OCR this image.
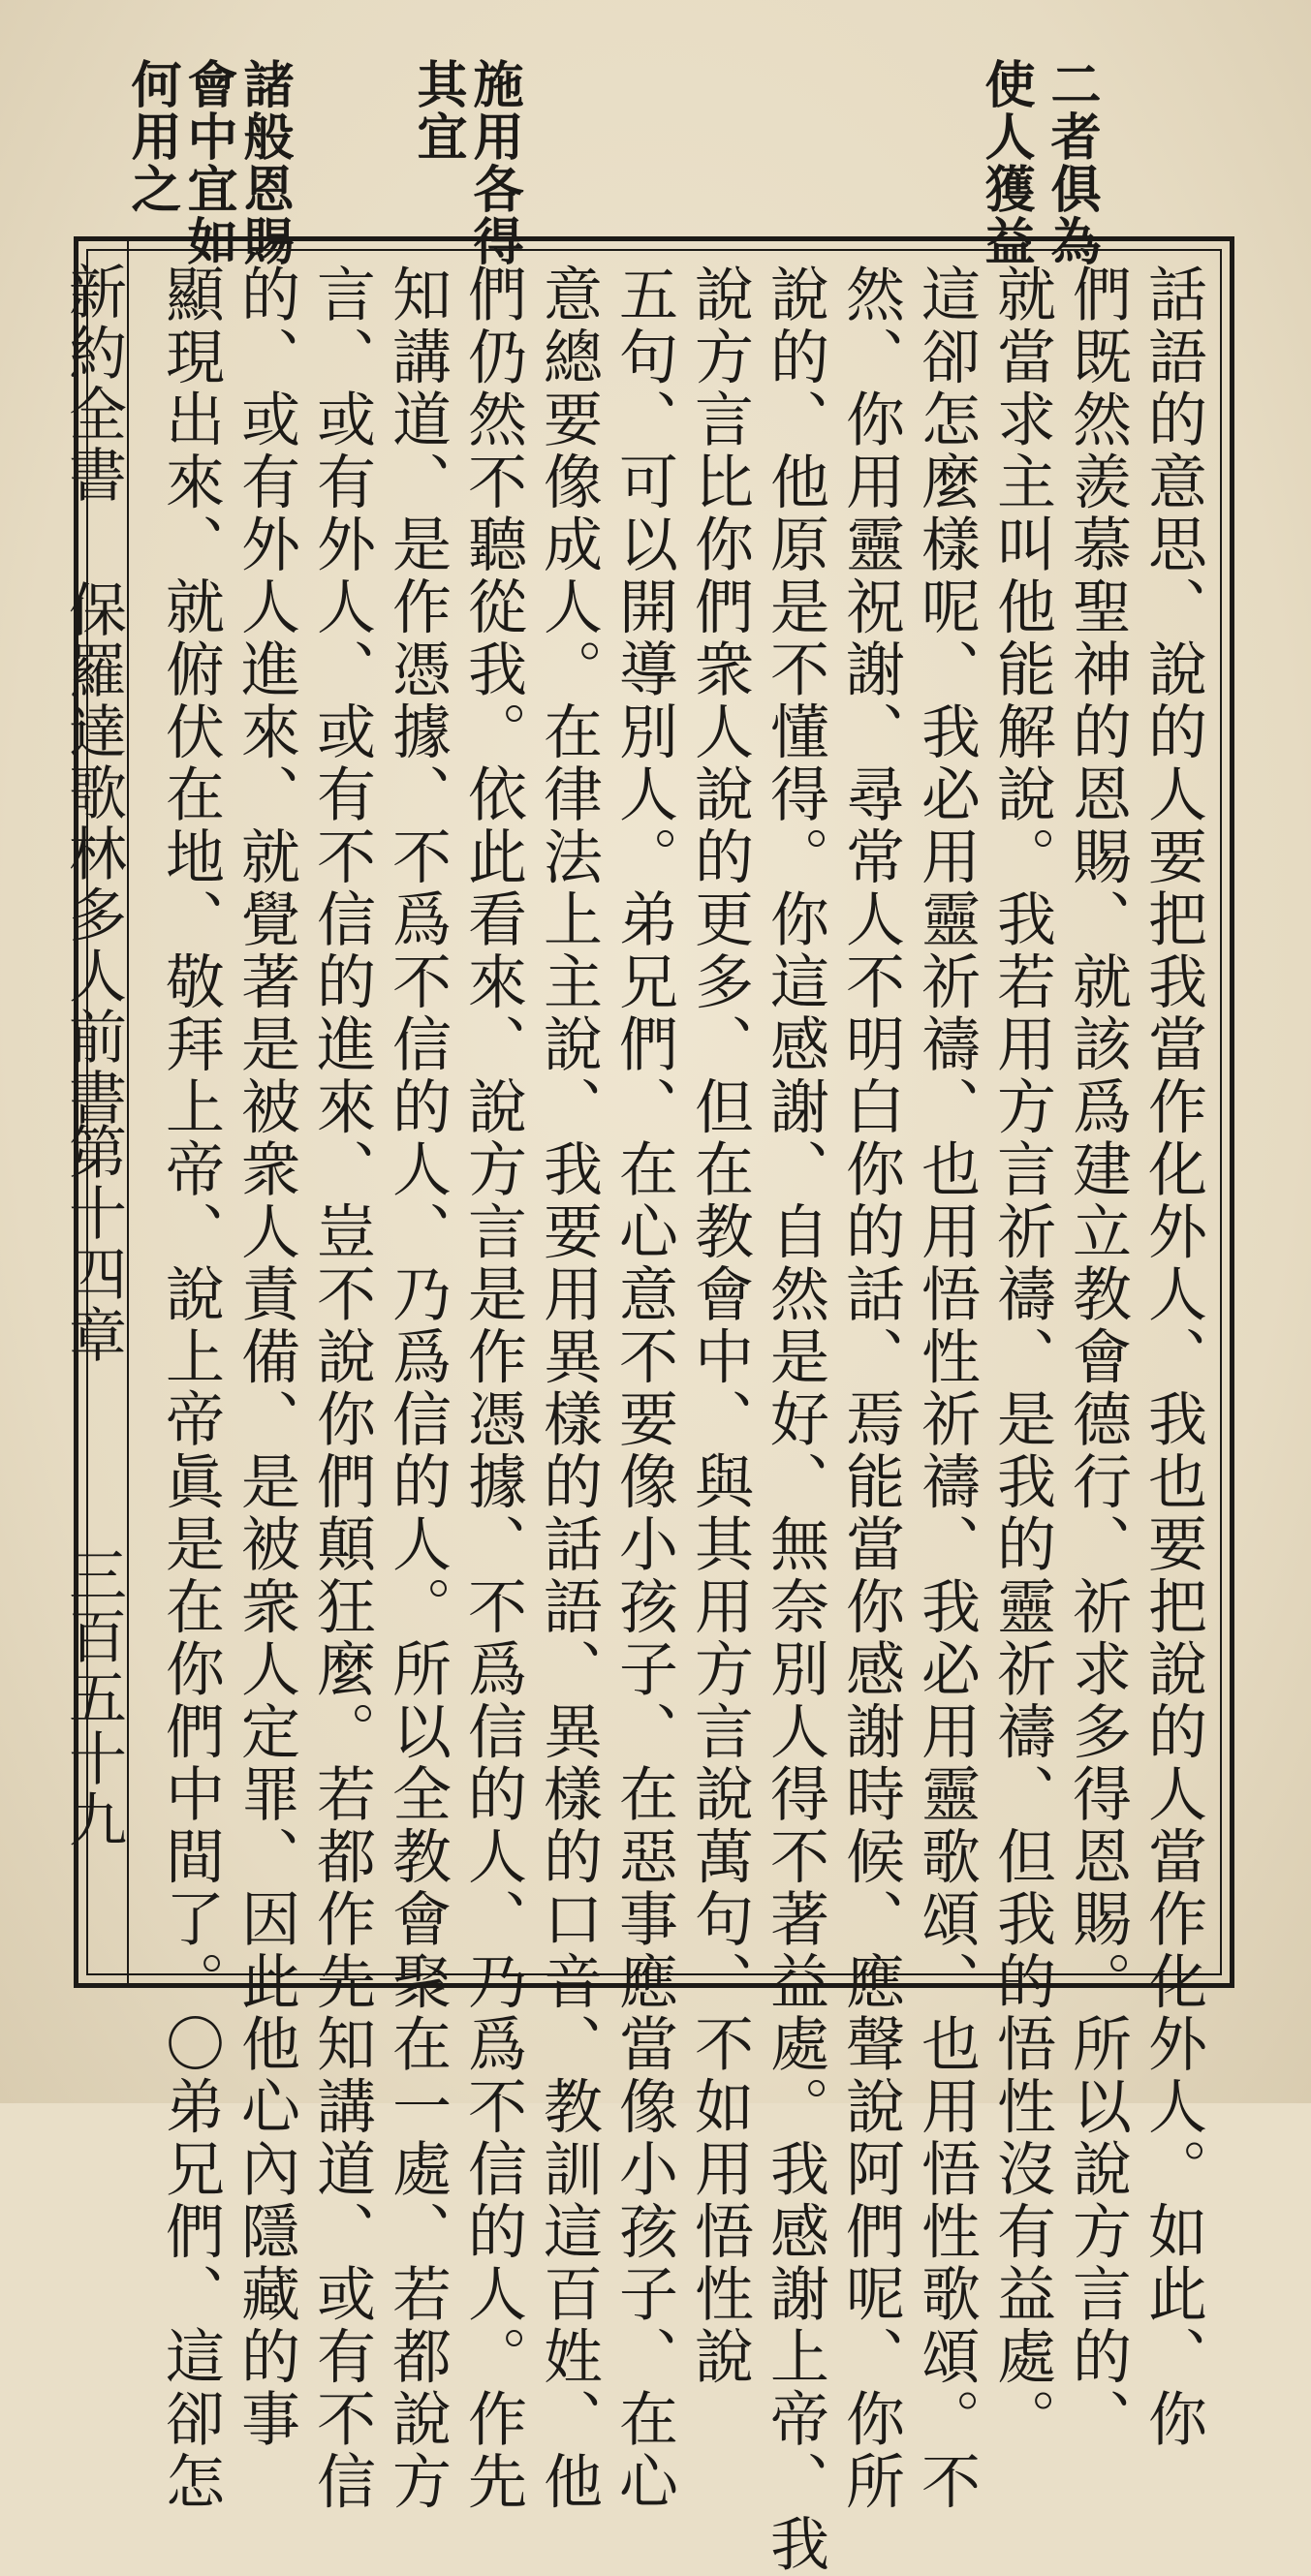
二者俱為
使人獲益
施用各得
其宜
諸般恩賜
會中宜如
何用之
話語的意思、說的人要把我當作化外人、我也要把說的人當作化外人。如此、你
們既然羨慕聖神的恩賜、就該爲建立教會德行、祈求多得恩賜。所以說方言的、
就當求主叫他能解說。我若用方言祈禱、是我的靈祈禱、但我的悟性沒有益處。
這卻怎麼樣呢、我必用靈祈禱、也用悟性祈禱、我必用靈歌頌、也用悟性歌頌。不
然、你用靈祝謝、尋常人不明白你的話、焉能當你感謝時候、應聲說阿們呢、你所
說的、他原是不懂得。你這感謝、自然是好、無奈別人得不著益處。我感謝上帝、我
說方言比你們衆人說的更多、但在教會中、與其用方言說萬句、不如用悟性說
五句、可以開導別人。弟兄們、在心意不要像小孩子、在惡事應當像小孩子、在心
意總要像成人。在律法上主說、我要用異樣的話語、異樣的口音、教訓這百姓、他
們仍然不聽從我。依此看來、說方言是作憑據、不爲信的人、乃爲不信的人。作先
知講道、是作憑據、不爲不信的人、乃爲信的人。所以全教會聚在一處、若都說方
言、或有外人、或有不信的進來、豈不說你們顛狂麼。若都作先知講道、或有不信
的、或有外人進來、就覺著是被衆人責備、是被衆人定罪、因此他心內隱藏的事
顯現出來、就俯伏在地、敬拜上帝、說上帝眞是在你們中間了。〇弟兄們、這卻怎
新約全書
保羅達歌林多人前書
第十四章
三百五十九
